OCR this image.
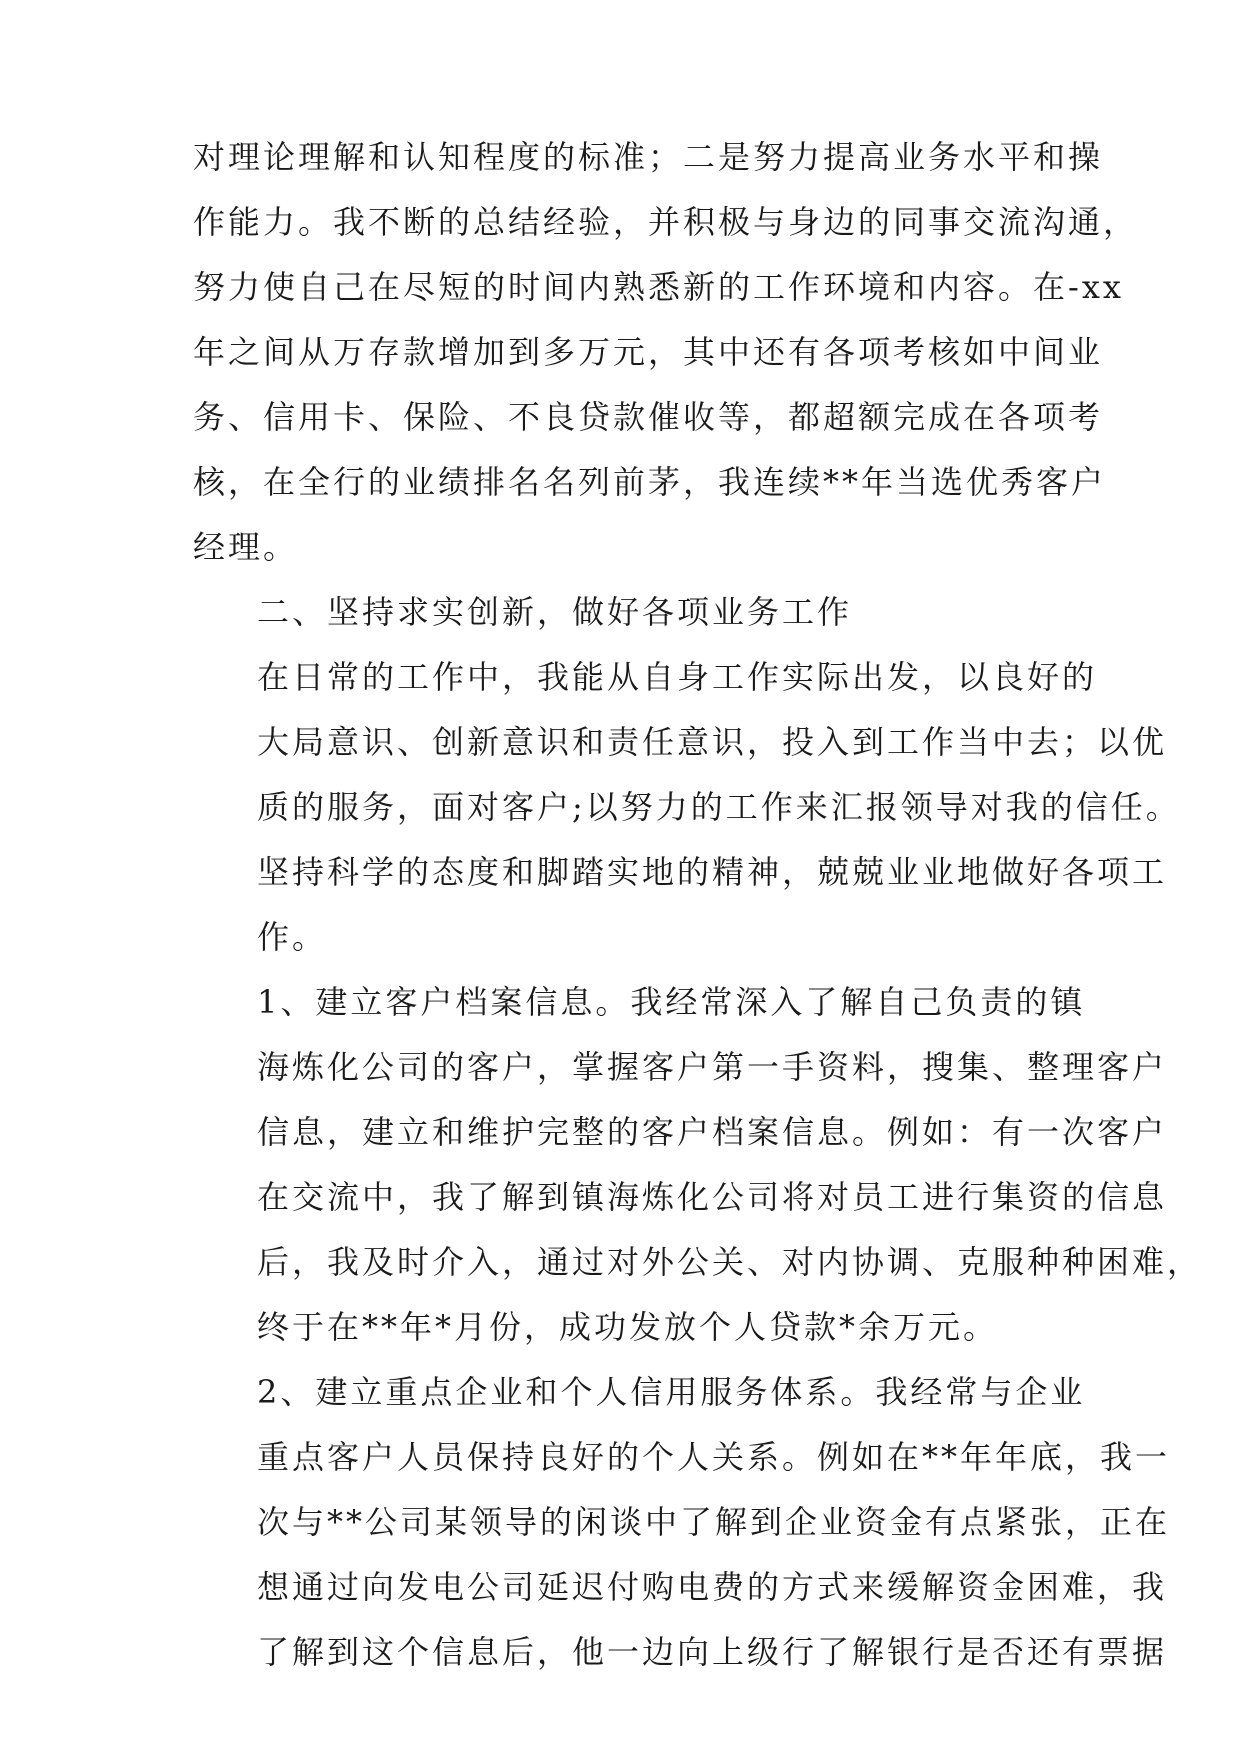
对理论理解和认知程度的标准；二是努力提高业务水平和操
作能力。我不断的总结经验，并积极与身边的同事交流沟通，
努力使自己在尽短的时间内熟悉新的工作环境和内容。在-xx
年之间从万存款增加到多万元，其中还有各项考核如中间业
务、信用卡、保险、不良贷款催收等，都超额完成在各项考
核，在全行的业绩排名名列前茅，我连续**年当选优秀客户
经理。

二、坚持求实创新，做好各项业务工作

在日常的工作中，我能从自身工作实际出发，以良好的
大局意识、创新意识和责任意识，投入到工作当中去；以优
质的服务，面对客户;以努力的工作来汇报领导对我的信任。
坚持科学的态度和脚踏实地的精神，兢兢业业地做好各项工
作。

1、建立客户档案信息。我经常深入了解自己负责的镇
海炼化公司的客户，掌握客户第一手资料，搜集、整理客户
信息，建立和维护完整的客户档案信息。例如：有一次客户
在交流中，我了解到镇海炼化公司将对员工进行集资的信息
后，我及时介入，通过对外公关、对内协调、克服种种困难，
终于在**年*月份，成功发放个人贷款*余万元。

2、建立重点企业和个人信用服务体系。我经常与企业
重点客户人员保持良好的个人关系。例如在**年年底，我一
次与**公司某领导的闲谈中了解到企业资金有点紧张，正在
想通过向发电公司延迟付购电费的方式来缓解资金困难，我
了解到这个信息后，他一边向上级行了解银行是否还有票据
